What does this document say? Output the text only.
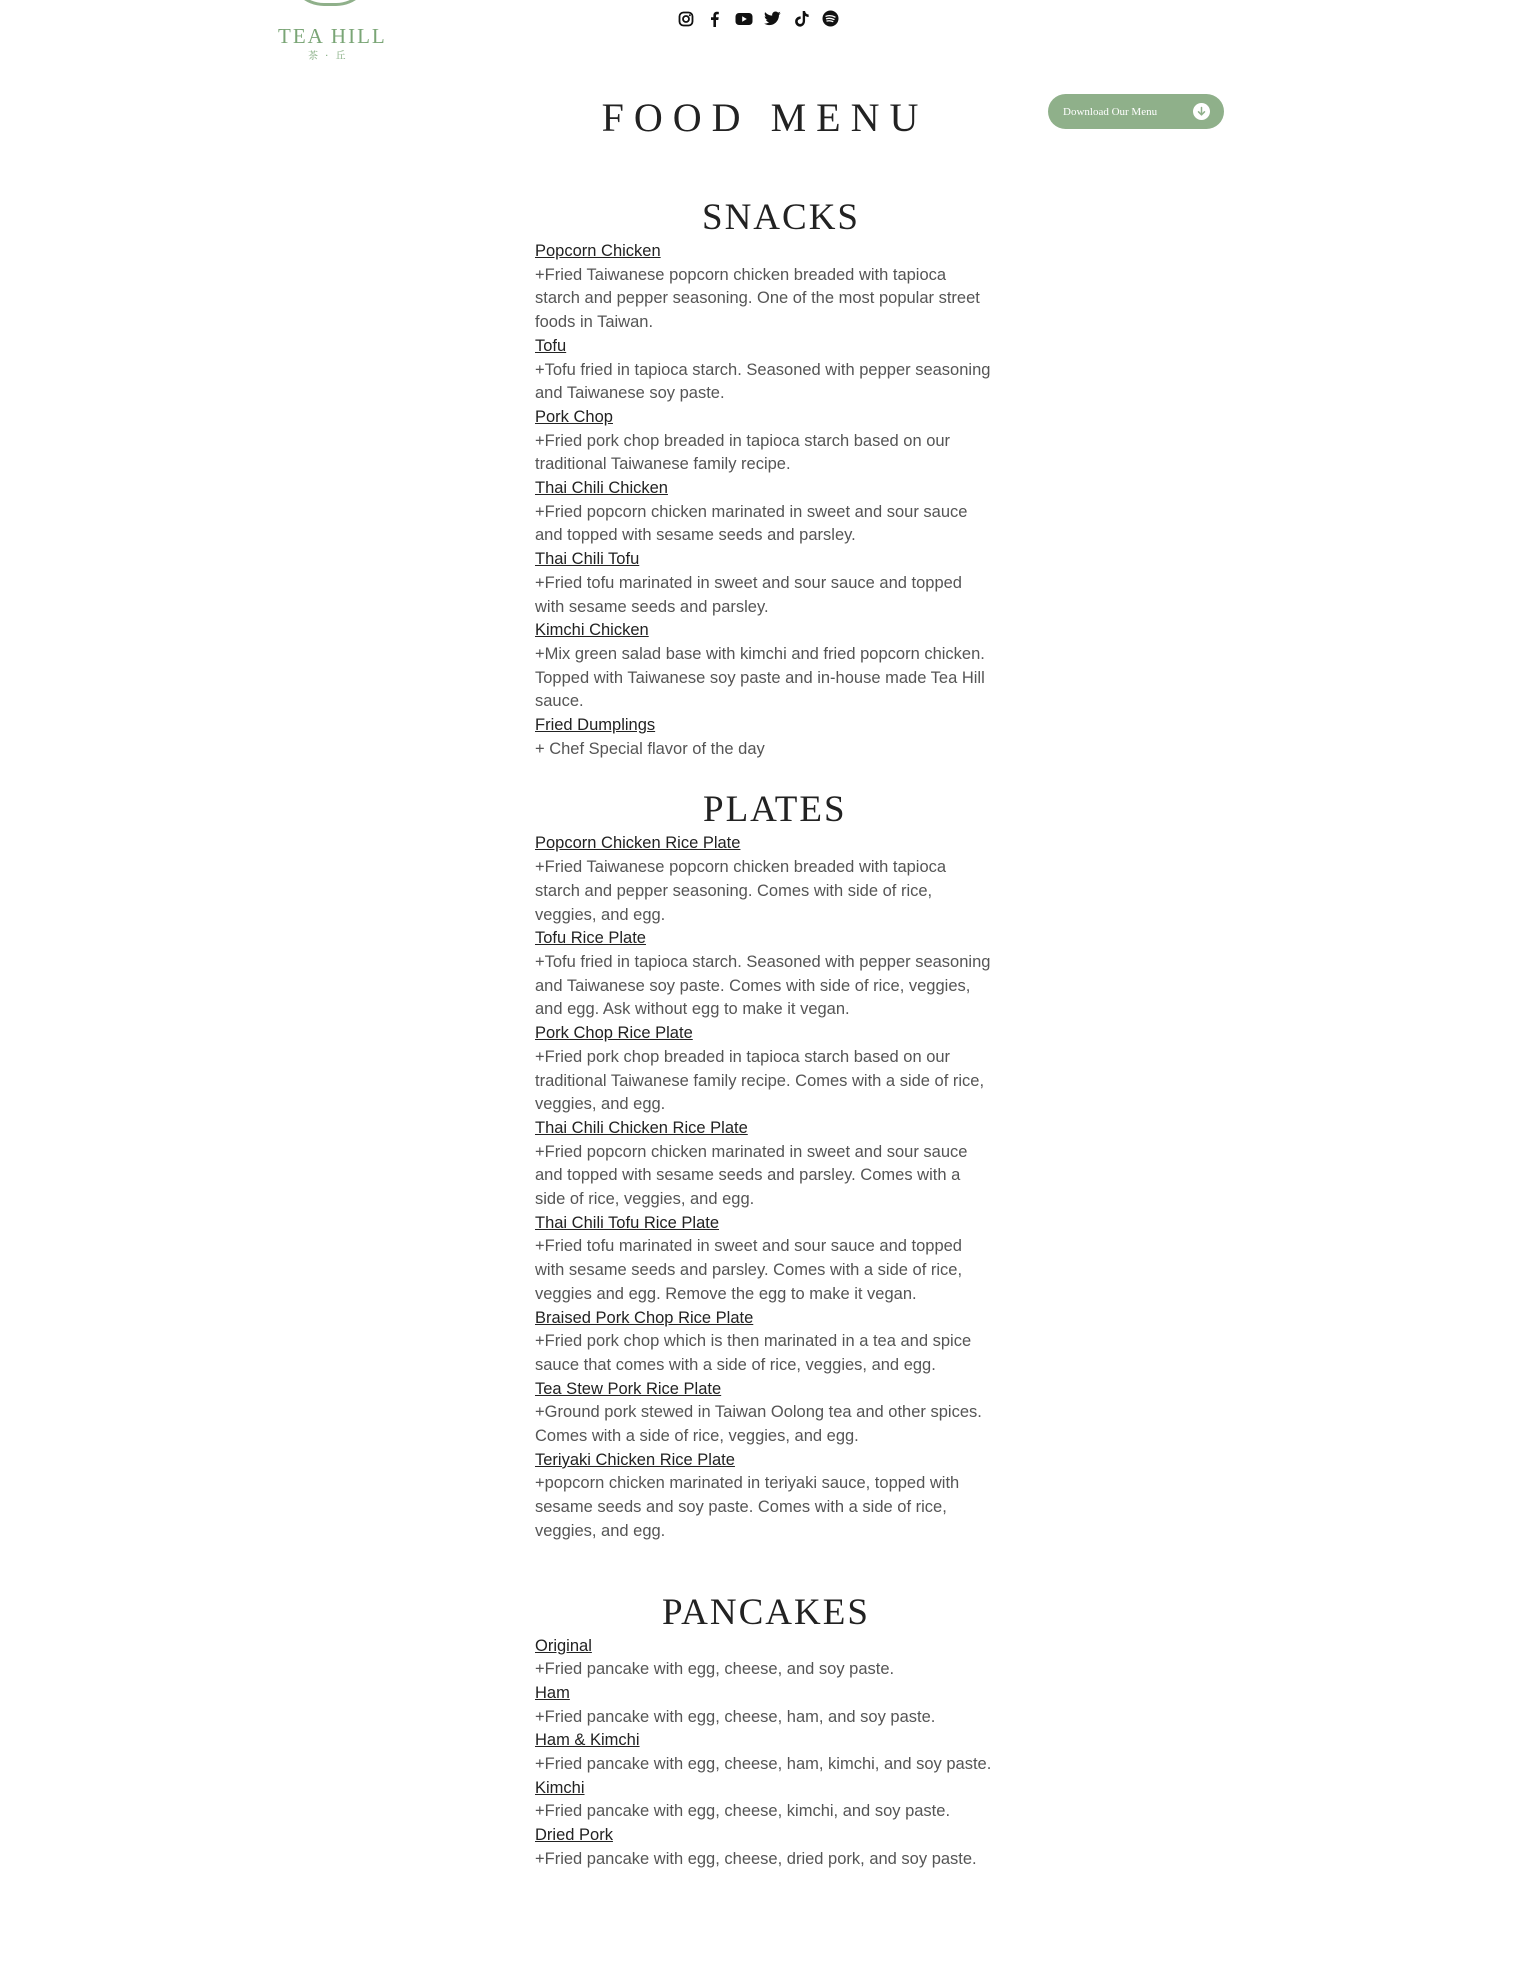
TEA HILL
茶 · 丘
FOOD MENU	Download Our Menu
SNACKS
Popcorn Chicken

+Fried Taiwanese popcorn chicken breaded with tapioca starch and pepper seasoning. One of the most popular street foods in Taiwan.

Tofu

+Tofu fried in tapioca starch. Seasoned with pepper seasoning and Taiwanese soy paste.

Pork Chop

+Fried pork chop breaded in tapioca starch based on our traditional Taiwanese family recipe.

Thai Chili Chicken

+Fried popcorn chicken marinated in sweet and sour sauce and topped with sesame seeds and parsley.

Thai Chili Tofu

+Fried tofu marinated in sweet and sour sauce and topped with sesame seeds and parsley.

Kimchi Chicken

+Mix green salad base with kimchi and fried popcorn chicken. Topped with Taiwanese soy paste and in-house made Tea Hill sauce.

Fried Dumplings

+ Chef Special flavor of the day

PLATES
Popcorn Chicken Rice Plate

+Fried Taiwanese popcorn chicken breaded with tapioca starch and pepper seasoning. Comes with side of rice, veggies, and egg.

Tofu Rice Plate

+Tofu fried in tapioca starch. Seasoned with pepper seasoning and Taiwanese soy paste. Comes with side of rice, veggies, and egg. Ask without egg to make it vegan.

Pork Chop Rice Plate

+Fried pork chop breaded in tapioca starch based on our traditional Taiwanese family recipe. Comes with a side of rice, veggies, and egg.

Thai Chili Chicken Rice Plate

+Fried popcorn chicken marinated in sweet and sour sauce and topped with sesame seeds and parsley. Comes with a side of rice, veggies, and egg.

Thai Chili Tofu Rice Plate

+Fried tofu marinated in sweet and sour sauce and topped with sesame seeds and parsley. Comes with a side of rice, veggies and egg. Remove the egg to make it vegan.

Braised Pork Chop Rice Plate

+Fried pork chop which is then marinated in a tea and spice sauce that comes with a side of rice, veggies, and egg.

Tea Stew Pork Rice Plate

+Ground pork stewed in Taiwan Oolong tea and other spices. Comes with a side of rice, veggies, and egg.

Teriyaki Chicken Rice Plate

+popcorn chicken marinated in teriyaki sauce, topped with sesame seeds and soy paste. Comes with a side of rice, veggies, and egg.

PANCAKES
Original

+Fried pancake with egg, cheese, and soy paste.

Ham

+Fried pancake with egg, cheese, ham, and soy paste.

Ham & Kimchi

+Fried pancake with egg, cheese, ham, kimchi, and soy paste.

Kimchi

+Fried pancake with egg, cheese, kimchi, and soy paste.

Dried Pork

+Fried pancake with egg, cheese, dried pork, and soy paste.
